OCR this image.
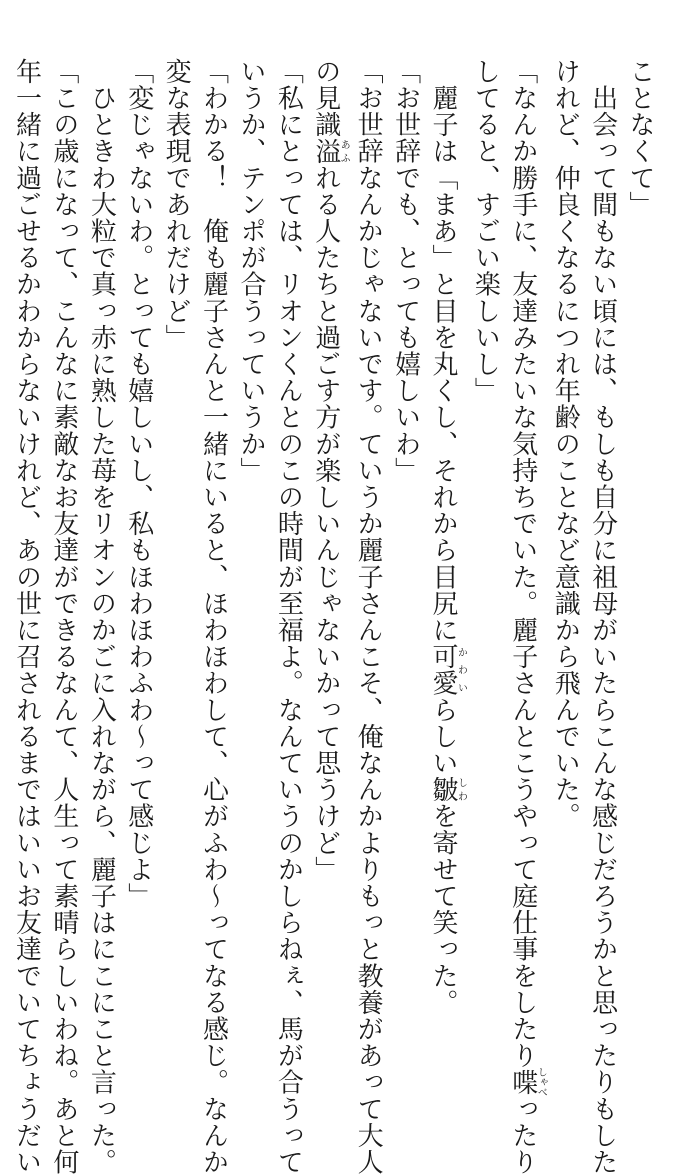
ことなくて」
　出会って間もない頃には、もしも自分に祖母がいたらこんな感じだろうかと思ったりもした
けれど、仲良くなるにつれ年齢のことなど意識から飛んでいた。
「なんか勝手に、友達みたいな気持ちでいた。麗子さんとこうやって庭仕事をしたり喋しゃべったり
してると、すごい楽しいし」
　麗子は「まあ」と目を丸くし、それから目尻に可愛かわいらしい皺しわを寄せて笑った。
「お世辞でも、とっても嬉しいわ」
「お世辞なんかじゃないです。ていうか麗子さんこそ、俺なんかよりもっと教養があって大人
の見識溢あふれる人たちと過ごす方が楽しいんじゃないかって思うけど」
「私にとっては、リオンくんとのこの時間が至福よ。なんていうのかしらねぇ、馬が合うって
いうか、テンポが合うっていうか」
「わかる！　俺も麗子さんと一緒にいると、ほわほわして、心がふわ～ってなる感じ。なんか
変な表現であれだけど」
「変じゃないわ。とっても嬉しいし、私もほわほわふわ～って感じよ」
　ひときわ大粒で真っ赤に熟した苺をリオンのかごに入れながら、麗子はにこにこと言った。
「この歳になって、こんなに素敵なお友達ができるなんて、人生って素晴らしいわね。あと何
年一緒に過ごせるかわからないけれど、あの世に召されるまではいいお友達でいてちょうだい
